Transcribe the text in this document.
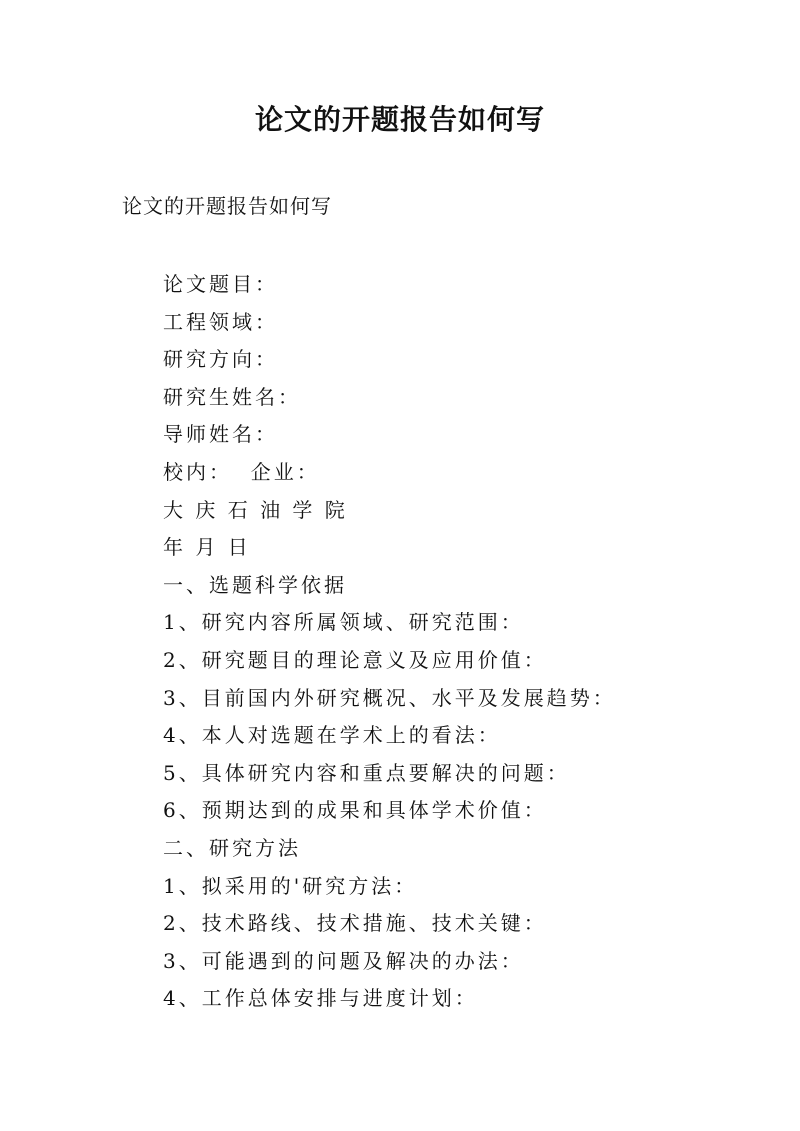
论文的开题报告如何写

论文的开题报告如何写

论文题目：
工程领域：
研究方向：
研究生姓名：
导师姓名：
校内：  企业：
大 庆 石 油 学 院
年 月 日
一、选题科学依据
1、研究内容所属领域、研究范围：
2、研究题目的理论意义及应用价值：
3、目前国内外研究概况、水平及发展趋势：
4、本人对选题在学术上的看法：
5、具体研究内容和重点要解决的问题：
6、预期达到的成果和具体学术价值：
二、研究方法
1、拟采用的'研究方法：
2、技术路线、技术措施、技术关键：
3、可能遇到的问题及解决的办法：
4、工作总体安排与进度计划：
